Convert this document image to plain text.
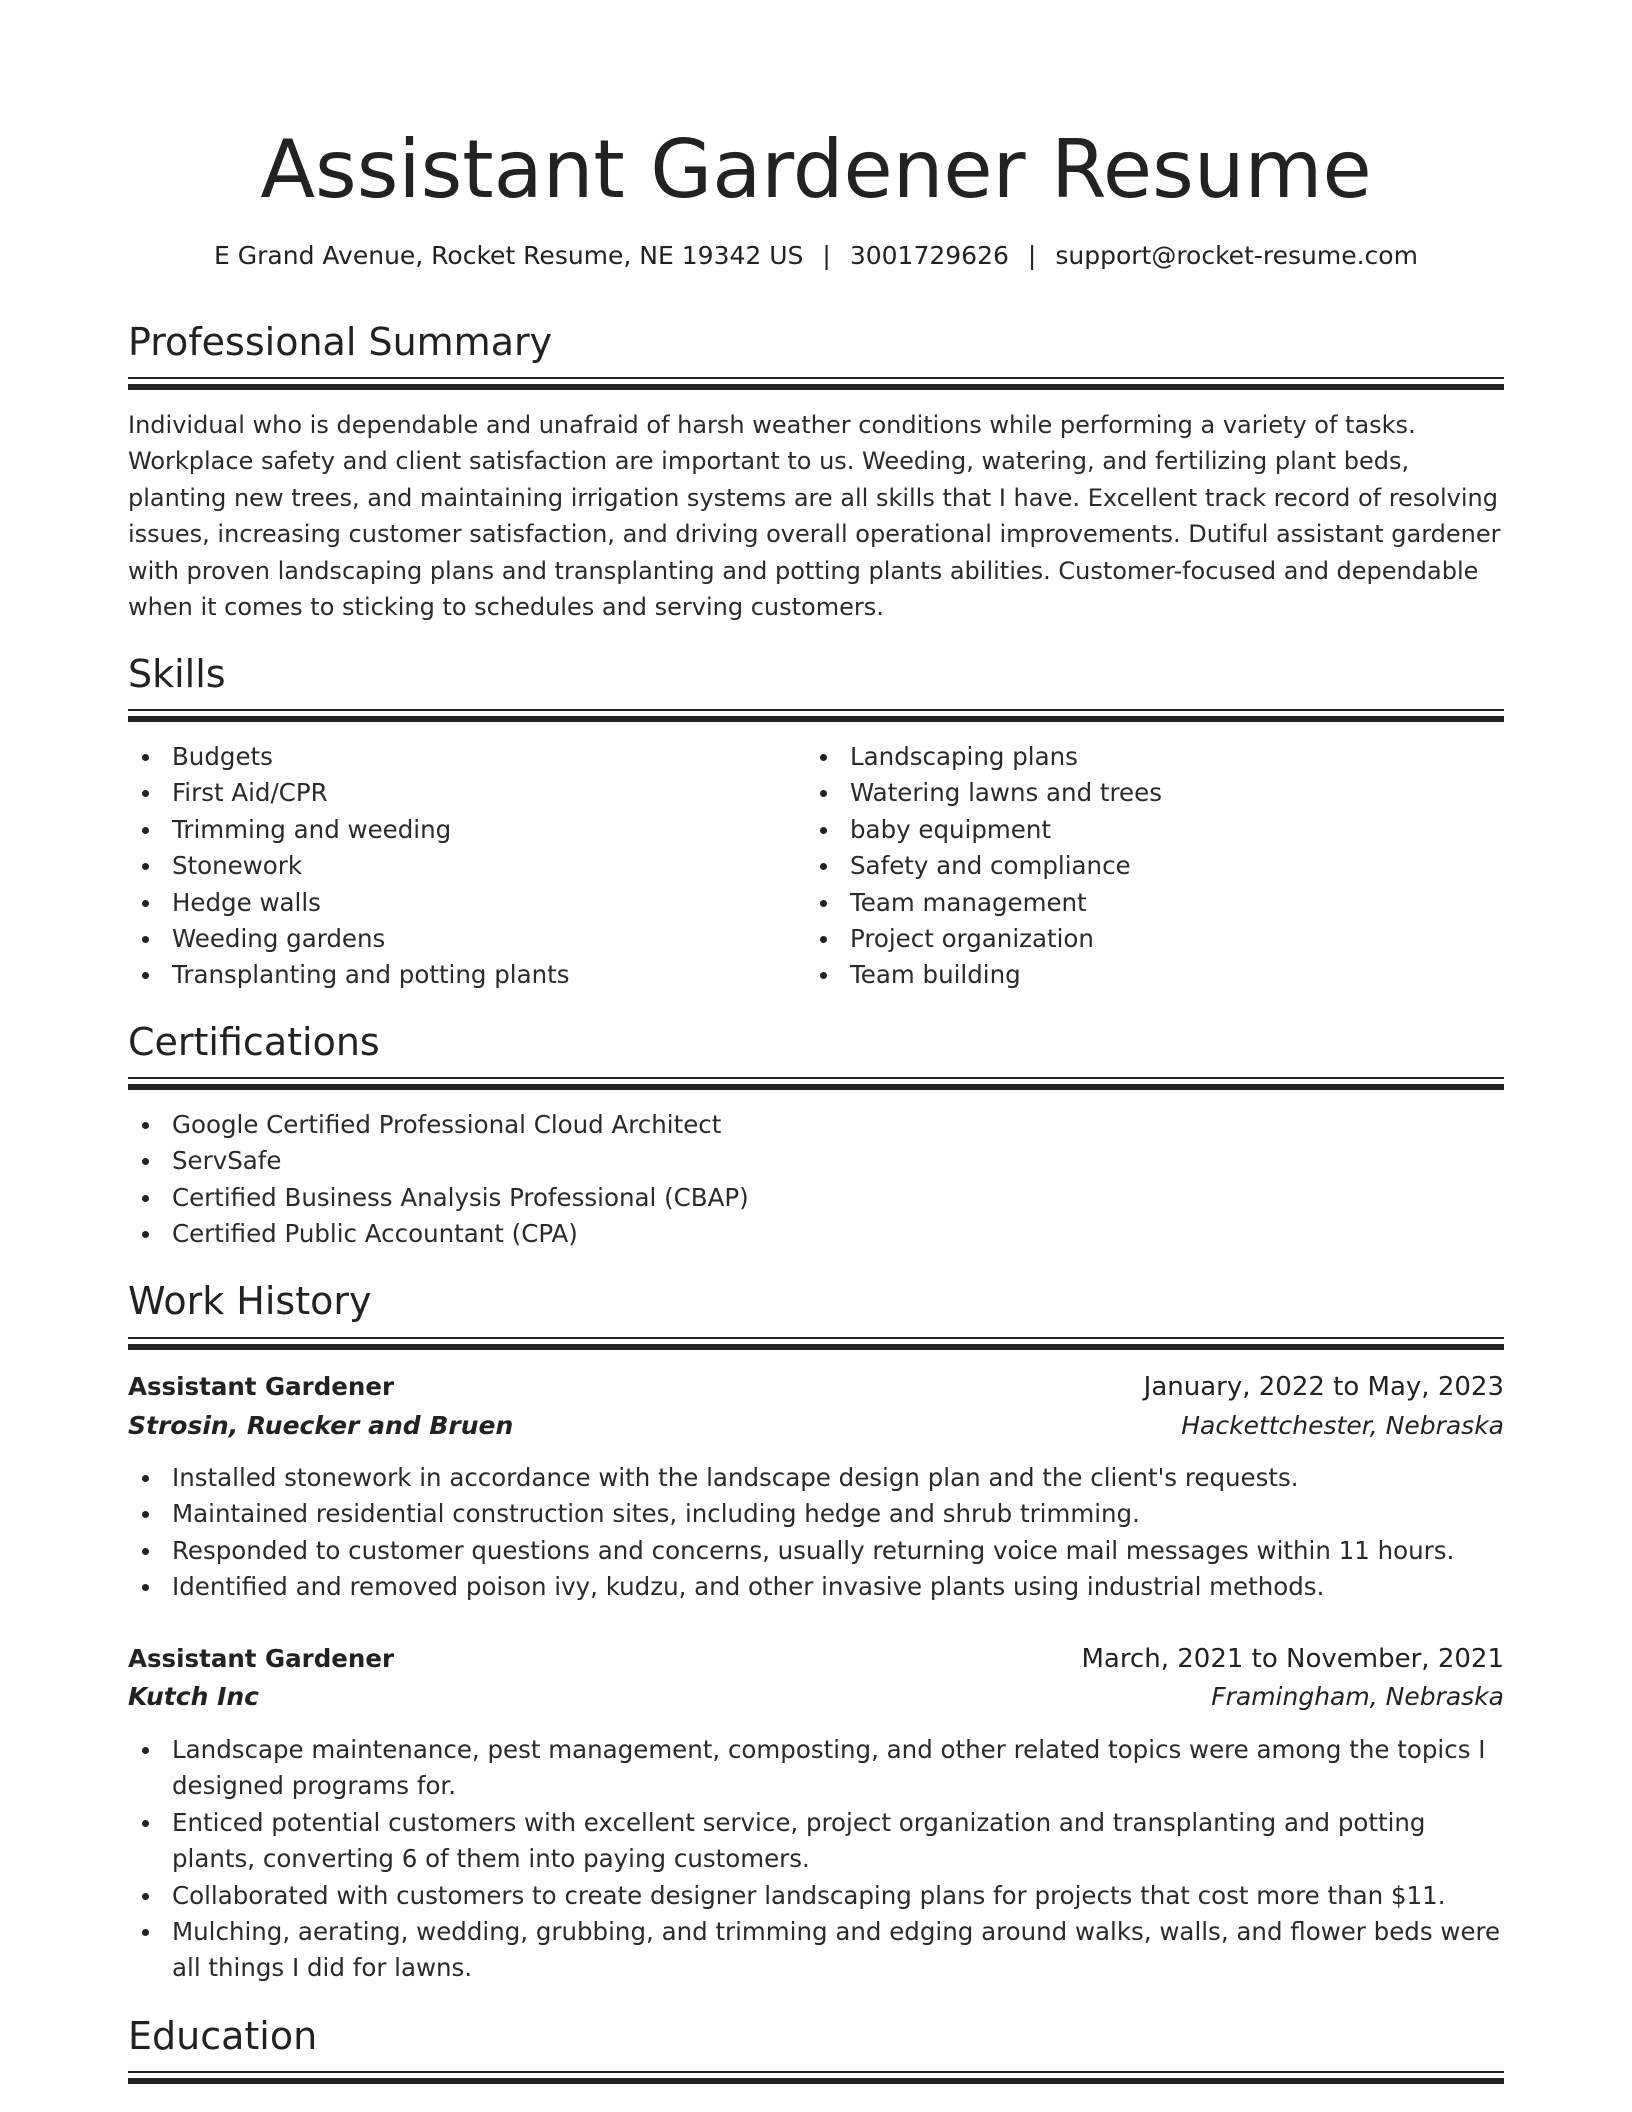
Assistant Gardener Resume
E Grand Avenue, Rocket Resume, NE 19342 US | 3001729626 | support@rocket-resume.com
Professional Summary

Individual who is dependable and unafraid of harsh weather conditions while performing a variety of tasks. Workplace safety and client satisfaction are important to us. Weeding, watering, and fertilizing plant beds, planting new trees, and maintaining irrigation systems are all skills that I have. Excellent track record of resolving issues, increasing customer satisfaction, and driving overall operational improvements. Dutiful assistant gardener with proven landscaping plans and transplanting and potting plants abilities. Customer-focused and dependable when it comes to sticking to schedules and serving customers.

Skills
Budgets
First Aid/CPR
Trimming and weeding
Stonework
Hedge walls
Weeding gardens
Transplanting and potting plants
Landscaping plans
Watering lawns and trees
baby equipment
Safety and compliance
Team management
Project organization
Team building
Certifications
Google Certified Professional Cloud Architect
ServSafe
Certified Business Analysis Professional (CBAP)
Certified Public Accountant (CPA)
Work History
Assistant Gardener	January, 2022 to May, 2023
Strosin, Ruecker and Bruen	Hackettchester, Nebraska
Installed stonework in accordance with the landscape design plan and the client's requests.
Maintained residential construction sites, including hedge and shrub trimming.
Responded to customer questions and concerns, usually returning voice mail messages within 11 hours.
Identified and removed poison ivy, kudzu, and other invasive plants using industrial methods.
Assistant Gardener	March, 2021 to November, 2021
Kutch Inc	Framingham, Nebraska
Landscape maintenance, pest management, composting, and other related topics were among the topics I designed programs for.
Enticed potential customers with excellent service, project organization and transplanting and potting plants, converting 6 of them into paying customers.
Collaborated with customers to create designer landscaping plans for projects that cost more than $11.
Mulching, aerating, wedding, grubbing, and trimming and edging around walks, walls, and flower beds were all things I did for lawns.
Education
